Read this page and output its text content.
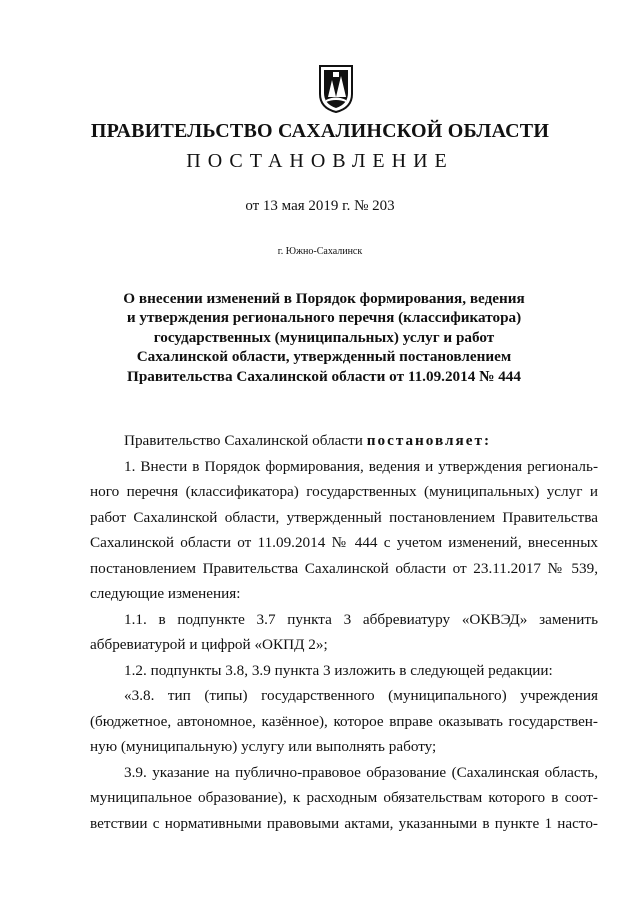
ПРАВИТЕЛЬСТВО САХАЛИНСКОЙ ОБЛАСТИ
ПОСТАНОВЛЕНИЕ
от 13 мая 2019 г. № 203
г. Южно-Сахалинск
О внесении изменений в Порядок формирования, ведения и утверждения регионального перечня (классификатора) государственных (муниципальных) услуг и работ Сахалинской области, утвержденный постановлением Правительства Сахалинской области от 11.09.2014 № 444
Правительство Сахалинской области постановляет:
1. Внести в Порядок формирования, ведения и утверждения региональ-
ного перечня (классификатора) государственных (муниципальных) услуг и
работ Сахалинской области, утвержденный постановлением Правительства
Сахалинской области от 11.09.2014 № 444 с учетом изменений, внесенных
постановлением Правительства Сахалинской области от 23.11.2017 № 539,
следующие изменения:
1.1. в подпункте 3.7 пункта 3 аббревиатуру «ОКВЭД» заменить
аббревиатурой и цифрой «ОКПД 2»;
1.2. подпункты 3.8, 3.9 пункта 3 изложить в следующей редакции:
«3.8. тип (типы) государственного (муниципального) учреждения
(бюджетное, автономное, казённое), которое вправе оказывать государствен-
ную (муниципальную) услугу или выполнять работу;
3.9. указание на публично-правовое образование (Сахалинская область,
муниципальное образование), к расходным обязательствам которого в соот-
ветствии с нормативными правовыми актами, указанными в пункте 1 насто-
